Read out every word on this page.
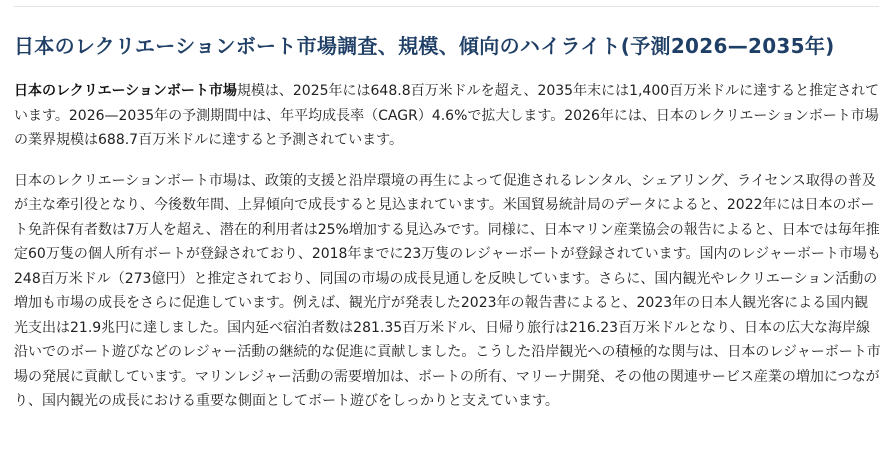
日本のレクリエーションボート市場調査、規模、傾向のハイライト(予測2026—2035年)

日本のレクリエーションボート市場規模は、2025年には648.8百万米ドルを超え、2035年末には1,400百万米ドルに達すると推定されています。2026—2035年の予測期間中は、年平均成長率（CAGR）4.6%で拡大します。2026年には、日本のレクリエーションボート市場の業界規模は688.7百万米ドルに達すると予測されています。

日本のレクリエーションボート市場は、政策的支援と沿岸環境の再生によって促進されるレンタル、シェアリング、ライセンス取得の普及が主な牽引役となり、今後数年間、上昇傾向で成長すると見込まれています。米国貿易統計局のデータによると、2022年には日本のボート免許保有者数は7万人を超え、潜在的利用者は25%増加する見込みです。同様に、日本マリン産業協会の報告によると、日本では毎年推定60万隻の個人所有ボートが登録されており、2018年までに23万隻のレジャーボートが登録されています。国内のレジャーボート市場も248百万米ドル（273億円）と推定されており、同国の市場の成長見通しを反映しています。さらに、国内観光やレクリエーション活動の増加も市場の成長をさらに促進しています。例えば、観光庁が発表した2023年の報告書によると、2023年の日本人観光客による国内観光支出は21.9兆円に達しました。国内延べ宿泊者数は281.35百万米ドル、日帰り旅行は216.23百万米ドルとなり、日本の広大な海岸線沿いでのボート遊びなどのレジャー活動の継続的な促進に貢献しました。こうした沿岸観光への積極的な関与は、日本のレジャーボート市場の発展に貢献しています。マリンレジャー活動の需要増加は、ボートの所有、マリーナ開発、その他の関連サービス産業の増加につながり、国内観光の成長における重要な側面としてボート遊びをしっかりと支えています。
